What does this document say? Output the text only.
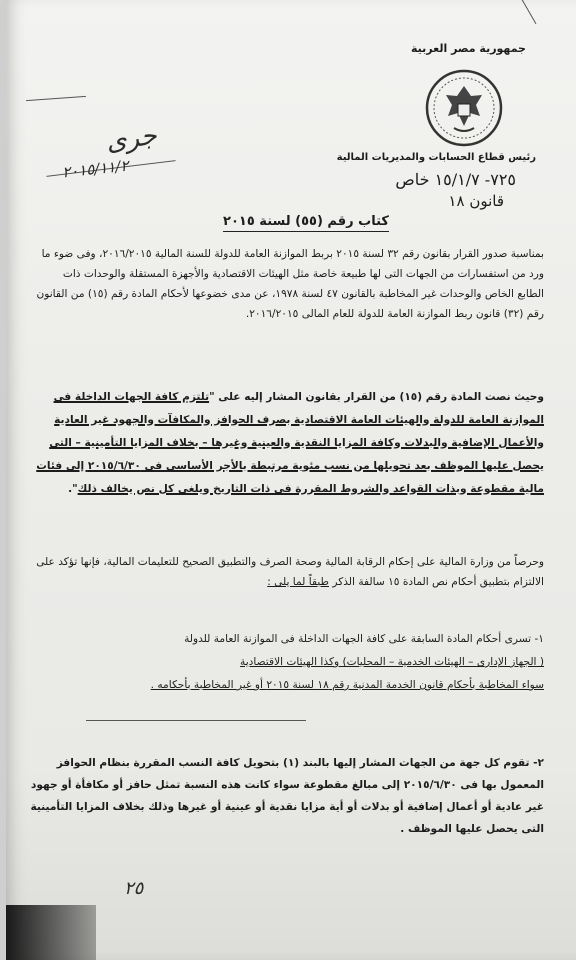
جمهورية مصر العربية
رئيس قطاع الحسابات والمديريات المالية
٧٢٥- ١٥/١/٧ خاص
قانون ١٨
جرى
٢٠١٥/١١/٢
كتاب رقم (٥٥) لسنة ٢٠١٥
بمناسبة صدور القرار بقانون رقم ٣٢ لسنة ٢٠١٥ بربط الموازنة العامة للدولة للسنة المالية ٢٠١٦/٢٠١٥، وفى ضوء ما ورد من استفسارات من الجهات التى لها طبيعة خاصة مثل الهيئات الاقتصادية والأجهزة المستقلة والوحدات ذات الطابع الخاص والوحدات غير المخاطبة بالقانون ٤٧ لسنة ١٩٧٨، عن مدى خضوعها لأحكام المادة رقم (١٥) من القانون رقم (٣٢) قانون ربط الموازنة العامة للدولة للعام المالى ٢٠١٦/٢٠١٥.
وحيث نصت المادة رقم (١٥) من القرار بقانون المشار إليه على "تلتزم كافة الجهات الداخلة فى الموازنة العامة للدولة والهيئات العامة الاقتصادية بصرف الحوافز والمكافآت والجهود غير العادية والأعمال الإضافية والبدلات وكافة المزايا النقدية والعينية وغيرها – بخلاف المزايا التأمينية – التى يحصل عليها الموظف بعد تحويلها من نسب مئوية مرتبطة بالأجر الأساسى فى ٢٠١٥/٦/٣٠ إلى فئات مالية مقطوعة وبذات القواعد والشروط المقررة فى ذات التاريخ ويلغى كل نص يخالف ذلك".
وحرصاً من وزارة المالية على إحكام الرقابة المالية وصحة الصرف والتطبيق الصحيح للتعليمات المالية، فإنها تؤكد على الالتزام بتطبيق أحكام نص المادة ١٥ سالفة الذكر طبقاً لما يلى :
١- تسرى أحكام المادة السابقة على كافة الجهات الداخلة فى الموازنة العامة للدولة
( الجهاز الإدارى – الهيئات الخدمية – المحليات) وكذا الهيئات الاقتصادية
سواء المخاطبة بأحكام قانون الخدمة المدنية رقم ١٨ لسنة ٢٠١٥ أو غير المخاطبة بأحكامه .
٢- تقوم كل جهة من الجهات المشار إليها بالبند (١) بتحويل كافة النسب المقررة بنظام الحوافز المعمول بها فى ٢٠١٥/٦/٣٠ إلى مبالغ مقطوعة سواء كانت هذه النسبة تمثل حافز أو مكافأة أو جهود غير عادية أو أعمال إضافية أو بدلات أو أية مزايا نقدية أو عينية أو غيرها وذلك بخلاف المزايا التأمينية التى يحصل عليها الموظف .
٢٥
